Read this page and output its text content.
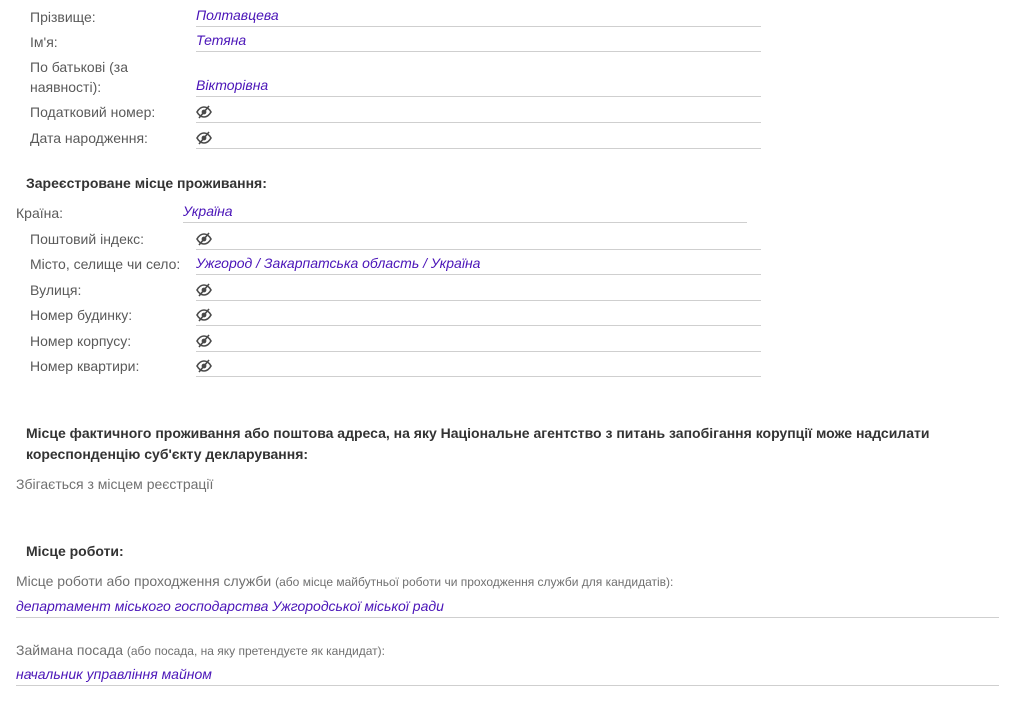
Прізвище:	Полтавцева
Ім'я:	Тетяна
По батькові (за
наявності):	Вікторівна
Податковий номер:
Дата народження:
Зареєстроване місце проживання:
Країна:	Україна
Поштовий індекс:
Місто, селище чи село: Ужгород / Закарпатська область / Україна
Вулиця:
Номер будинку:
Номер корпусу:
Номер квартири:
Місце фактичного проживання або поштова адреса, на яку Національне агентство з питань запобігання корупції може надсилати
кореспонденцію суб'єкту декларування:
Збігається з місцем реєстрації
Місце роботи:
Місце роботи або проходження служби (або місце майбутньої роботи чи проходження служби для кандидатів):
департамент міського господарства Ужгородської міської ради
Займана посада (або посада, на яку претендуєте як кандидат):
начальник управління майном
